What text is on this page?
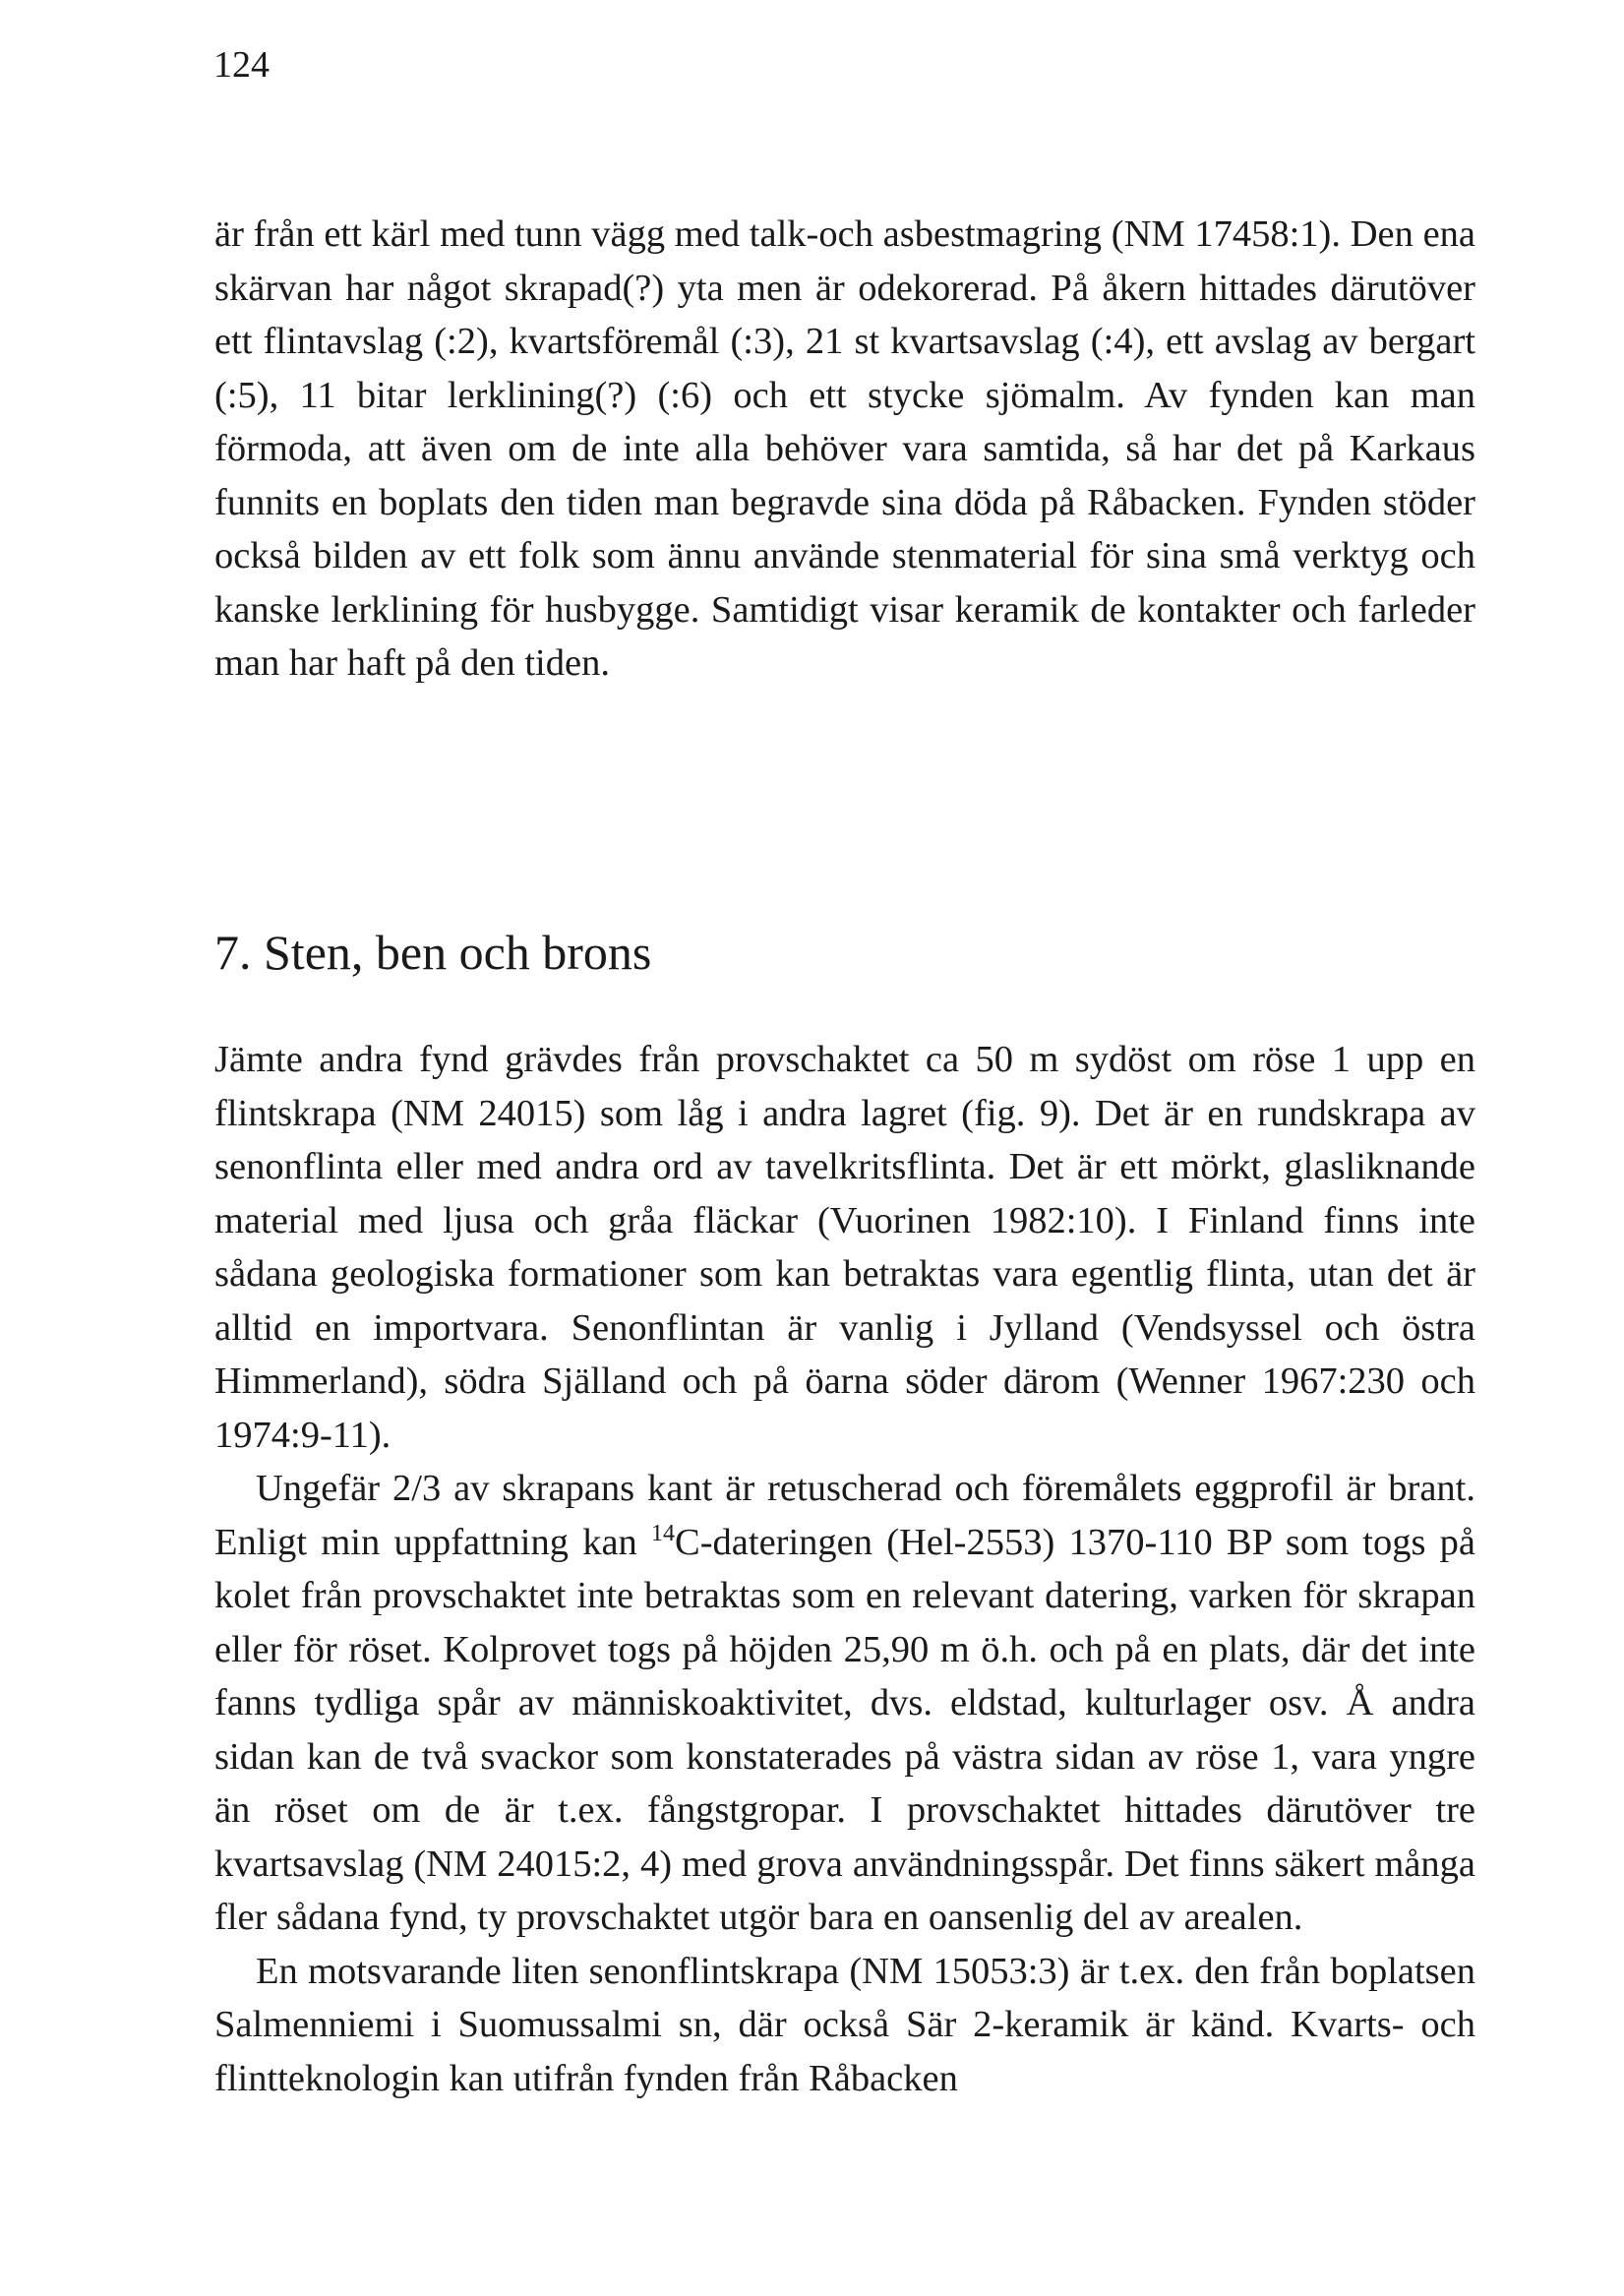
124

är från ett kärl med tunn vägg med talk-och asbestmagring (NM 17458:1). Den ena skärvan har något skrapad(?) yta men är odekorerad. På åkern hittades därutöver ett flintavslag (:2), kvartsföremål (:3), 21 st kvartsavslag (:4), ett avslag av bergart (:5), 11 bitar lerklining(?) (:6) och ett stycke sjömalm. Av fynden kan man förmoda, att även om de inte alla behöver vara samtida, så har det på Karkaus funnits en boplats den tiden man begravde sina döda på Råbacken. Fynden stöder också bilden av ett folk som ännu använde stenmaterial för sina små verktyg och kanske lerklining för husbygge. Samtidigt visar keramik de kontakter och farleder man har haft på den tiden.

7. Sten, ben och brons

Jämte andra fynd grävdes från provschaktet ca 50 m sydöst om röse 1 upp en flintskrapa (NM 24015) som låg i andra lagret (fig. 9). Det är en rundskrapa av senonflinta eller med andra ord av tavelkritsflinta. Det är ett mörkt, glasliknande material med ljusa och gråa fläckar (Vuorinen 1982:10). I Finland finns inte sådana geologiska formationer som kan betraktas vara egentlig flinta, utan det är alltid en importvara. Senonflintan är vanlig i Jylland (Vendsyssel och östra Himmerland), södra Själland och på öarna söder därom (Wenner 1967:230 och 1974:9-11).

Ungefär 2/3 av skrapans kant är retuscherad och föremålets eggprofil är brant. Enligt min uppfattning kan $^{14}$C-dateringen (Hel-2553) 1370-110 BP som togs på kolet från provschaktet inte betraktas som en relevant datering, varken för skrapan eller för röset. Kolprovet togs på höjden 25,90 m ö.h. och på en plats, där det inte fanns tydliga spår av människoaktivitet, dvs. eldstad, kulturlager osv. Å andra sidan kan de två svackor som konstaterades på västra sidan av röse 1, vara yngre än röset om de är t.ex. fångstgropar. I provschaktet hittades därutöver tre kvartsavslag (NM 24015:2, 4) med grova användningsspår. Det finns säkert många fler sådana fynd, ty provschaktet utgör bara en oansenlig del av arealen.

En motsvarande liten senonflintskrapa (NM 15053:3) är t.ex. den från boplatsen Salmenniemi i Suomussalmi sn, där också Sär 2-keramik är känd. Kvarts- och flintteknologin kan utifrån fynden från Råbacken
